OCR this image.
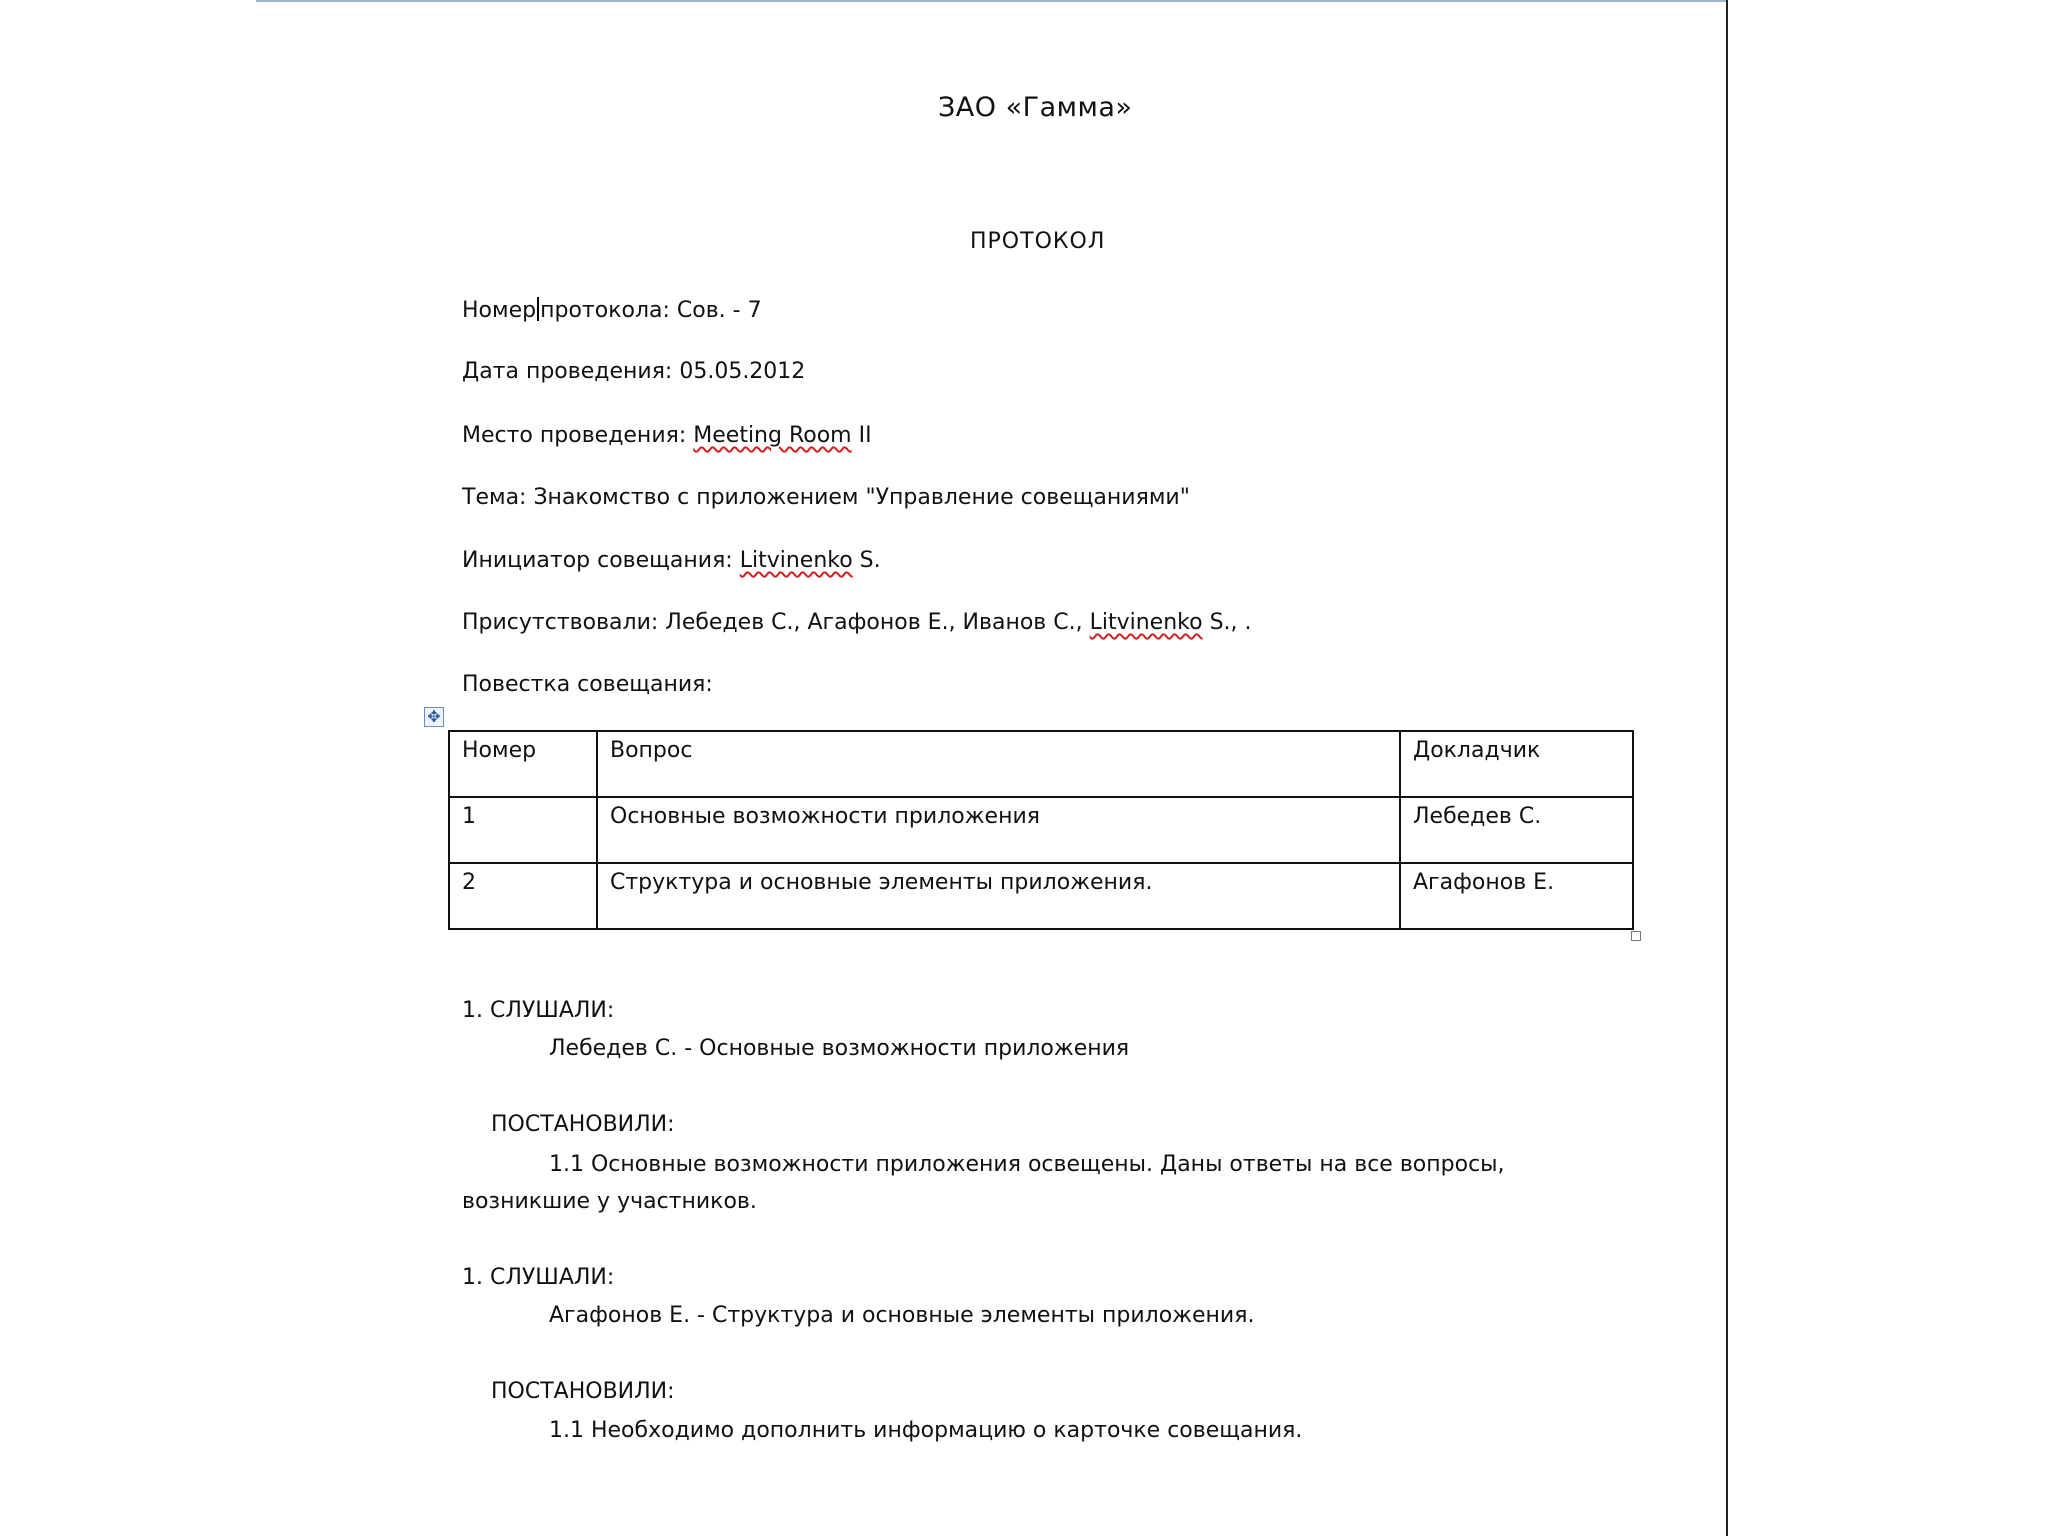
ЗАО «Гамма»
ПРОТОКОЛ
Номер протокола: Сов. - 7
Дата проведения: 05.05.2012
Место проведения: Meeting Room II
Тема: Знакомство с приложением "Управление совещаниями"
Инициатор совещания: Litvinenko S.
Присутствовали: Лебедев С., Агафонов Е., Иванов С., Litvinenko S., .
Повестка совещания:
✥
Номер	Вопрос	Докладчик
1	Основные возможности приложения	Лебедев С.
2	Структура и основные элементы приложения.	Агафонов Е.
1. СЛУШАЛИ:
Лебедев С. - Основные возможности приложения
ПОСТАНОВИЛИ:
1.1 Основные возможности приложения освещены. Даны ответы на все вопросы,
возникшие у участников.
1. СЛУШАЛИ:
Агафонов Е. - Структура и основные элементы приложения.
ПОСТАНОВИЛИ:
1.1 Необходимо дополнить информацию о карточке совещания.
